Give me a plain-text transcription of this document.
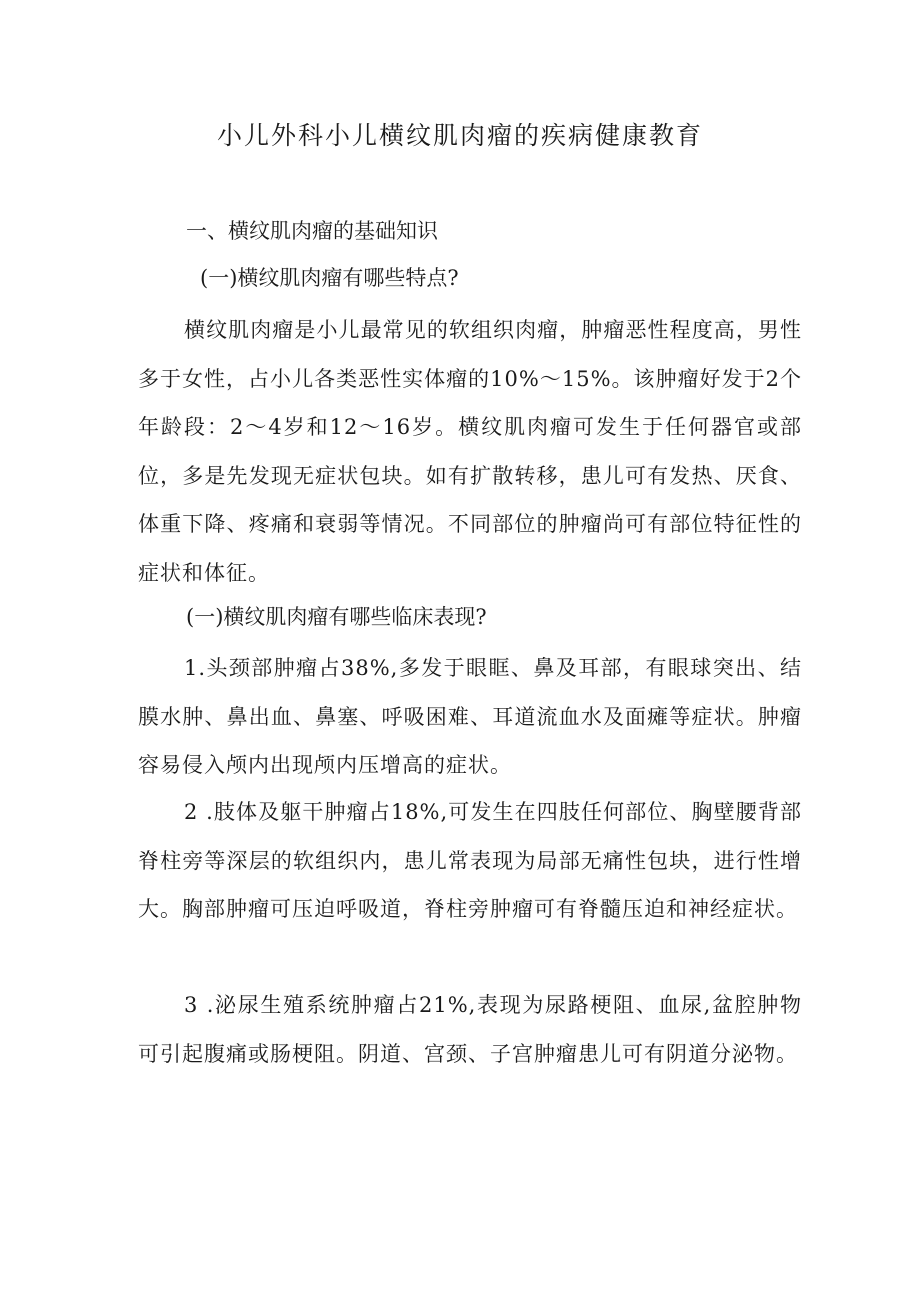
小儿外科小儿横纹肌肉瘤的疾病健康教育
一、横纹肌肉瘤的基础知识
(一)横纹肌肉瘤有哪些特点?
横纹肌肉瘤是小儿最常见的软组织肉瘤，肿瘤恶性程度高，男性多于女性，占小儿各类恶性实体瘤的10%～15%。该肿瘤好发于2个年龄段：2～4岁和12～16岁。横纹肌肉瘤可发生于任何器官或部位，多是先发现无症状包块。如有扩散转移，患儿可有发热、厌食、体重下降、疼痛和衰弱等情况。不同部位的肿瘤尚可有部位特征性的症状和体征。
(一)横纹肌肉瘤有哪些临床表现?
1.头颈部肿瘤占38%,多发于眼眶、鼻及耳部，有眼球突出、结膜水肿、鼻出血、鼻塞、呼吸困难、耳道流血水及面瘫等症状。肿瘤容易侵入颅内出现颅内压增高的症状。
2 .肢体及躯干肿瘤占18%,可发生在四肢任何部位、胸壁腰背部脊柱旁等深层的软组织内，患儿常表现为局部无痛性包块，进行性增大。胸部肿瘤可压迫呼吸道，脊柱旁肿瘤可有脊髓压迫和神经症状。
3 .泌尿生殖系统肿瘤占21%,表现为尿路梗阻、血尿,盆腔肿物可引起腹痛或肠梗阻。阴道、宫颈、子宫肿瘤患儿可有阴道分泌物。
